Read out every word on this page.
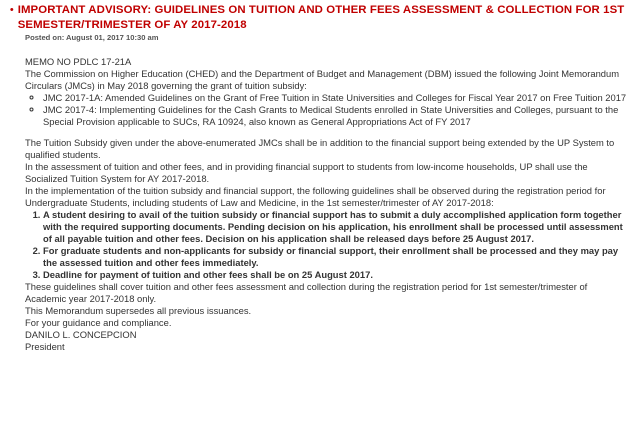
• IMPORTANT ADVISORY: GUIDELINES ON TUITION AND OTHER FEES ASSESSMENT & COLLECTION FOR 1ST SEMESTER/TRIMESTER OF AY 2017-2018
Posted on: August 01, 2017 10:30 am

MEMO NO PDLC 17-21A

The Commission on Higher Education (CHED) and the Department of Budget and Management (DBM) issued the following Joint Memorandum Circulars (JMCs) in May 2018 governing the grant of tuition subsidy:

◦ JMC 2017-1A: Amended Guidelines on the Grant of Free Tuition in State Universities and Colleges for Fiscal Year 2017 on Free Tuition 2017
◦ JMC 2017-4: Implementing Guidelines for the Cash Grants to Medical Students enrolled in State Universities and Colleges, pursuant to the Special Provision applicable to SUCs, RA 10924, also known as General Appropriations Act of FY 2017

The Tuition Subsidy given under the above-enumerated JMCs shall be in addition to the financial support being extended by the UP System to qualified students.

In the assessment of tuition and other fees, and in providing financial support to students from low-income households, UP shall use the Socialized Tuition System for AY 2017-2018.

In the implementation of the tuition subsidy and financial support, the following guidelines shall be observed during the registration period for Undergraduate Students, including students of Law and Medicine, in the 1st semester/trimester of AY 2017-2018:

1. A student desiring to avail of the tuition subsidy or financial support has to submit a duly accomplished application form together with the required supporting documents. Pending decision on his application, his enrollment shall be processed until assessment of all payable tuition and other fees. Decision on his application shall be released days before 25 August 2017.
2. For graduate students and non-applicants for subsidy or financial support, their enrollment shall be processed and they may pay the assessed tuition and other fees immediately.
3. Deadline for payment of tuition and other fees shall be on 25 August 2017.

These guidelines shall cover tuition and other fees assessment and collection during the registration period for 1st semester/trimester of Academic year 2017-2018 only.

This Memorandum supersedes all previous issuances.

For your guidance and compliance.

DANILO L. CONCEPCION

President
